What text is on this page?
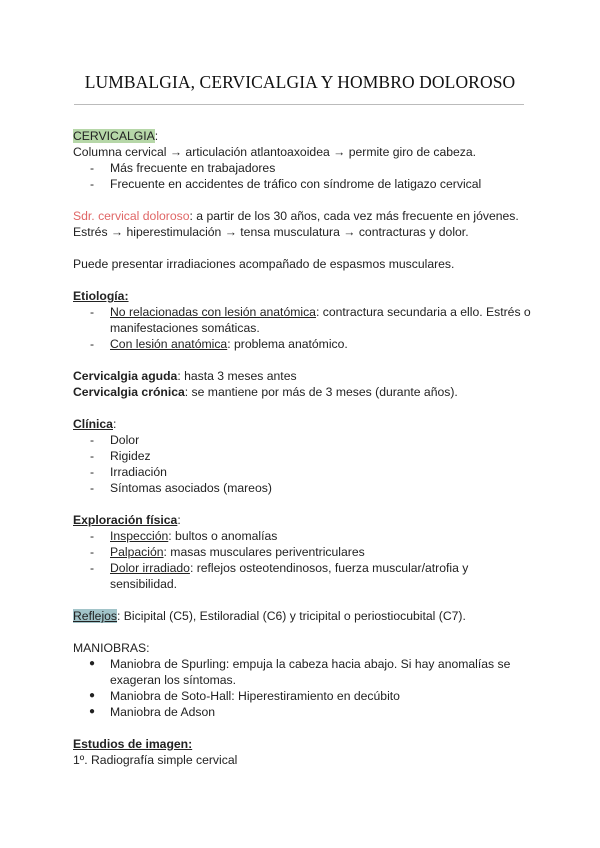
LUMBALGIA, CERVICALGIA Y HOMBRO DOLOROSO
CERVICALGIA:
Columna cervical → articulación atlantoaxoidea → permite giro de cabeza.
- Más frecuente en trabajadores
- Frecuente en accidentes de tráfico con síndrome de latigazo cervical
Sdr. cervical doloroso: a partir de los 30 años, cada vez más frecuente en jóvenes.
Estrés → hiperestimulación → tensa musculatura → contracturas y dolor.
Puede presentar irradiaciones acompañado de espasmos musculares.
Etiología:
- No relacionadas con lesión anatómica: contractura secundaria a ello. Estrés o
manifestaciones somáticas.
- Con lesión anatómica: problema anatómico.
Cervicalgia aguda: hasta 3 meses antes
Cervicalgia crónica: se mantiene por más de 3 meses (durante años).
Clínica:
- Dolor
- Rigidez
- Irradiación
- Síntomas asociados (mareos)
Exploración física:
- Inspección: bultos o anomalías
- Palpación: masas musculares periventriculares
- Dolor irradiado: reflejos osteotendinosos, fuerza muscular/atrofia y
sensibilidad.
Reflejos: Bicipital (C5), Estiloradial (C6) y tricipital o periostiocubital (C7).
MANIOBRAS:
● Maniobra de Spurling: empuja la cabeza hacia abajo. Si hay anomalías se
exageran los síntomas.
● Maniobra de Soto-Hall: Hiperestiramiento en decúbito
● Maniobra de Adson
Estudios de imagen:
1º. Radiografía simple cervical
